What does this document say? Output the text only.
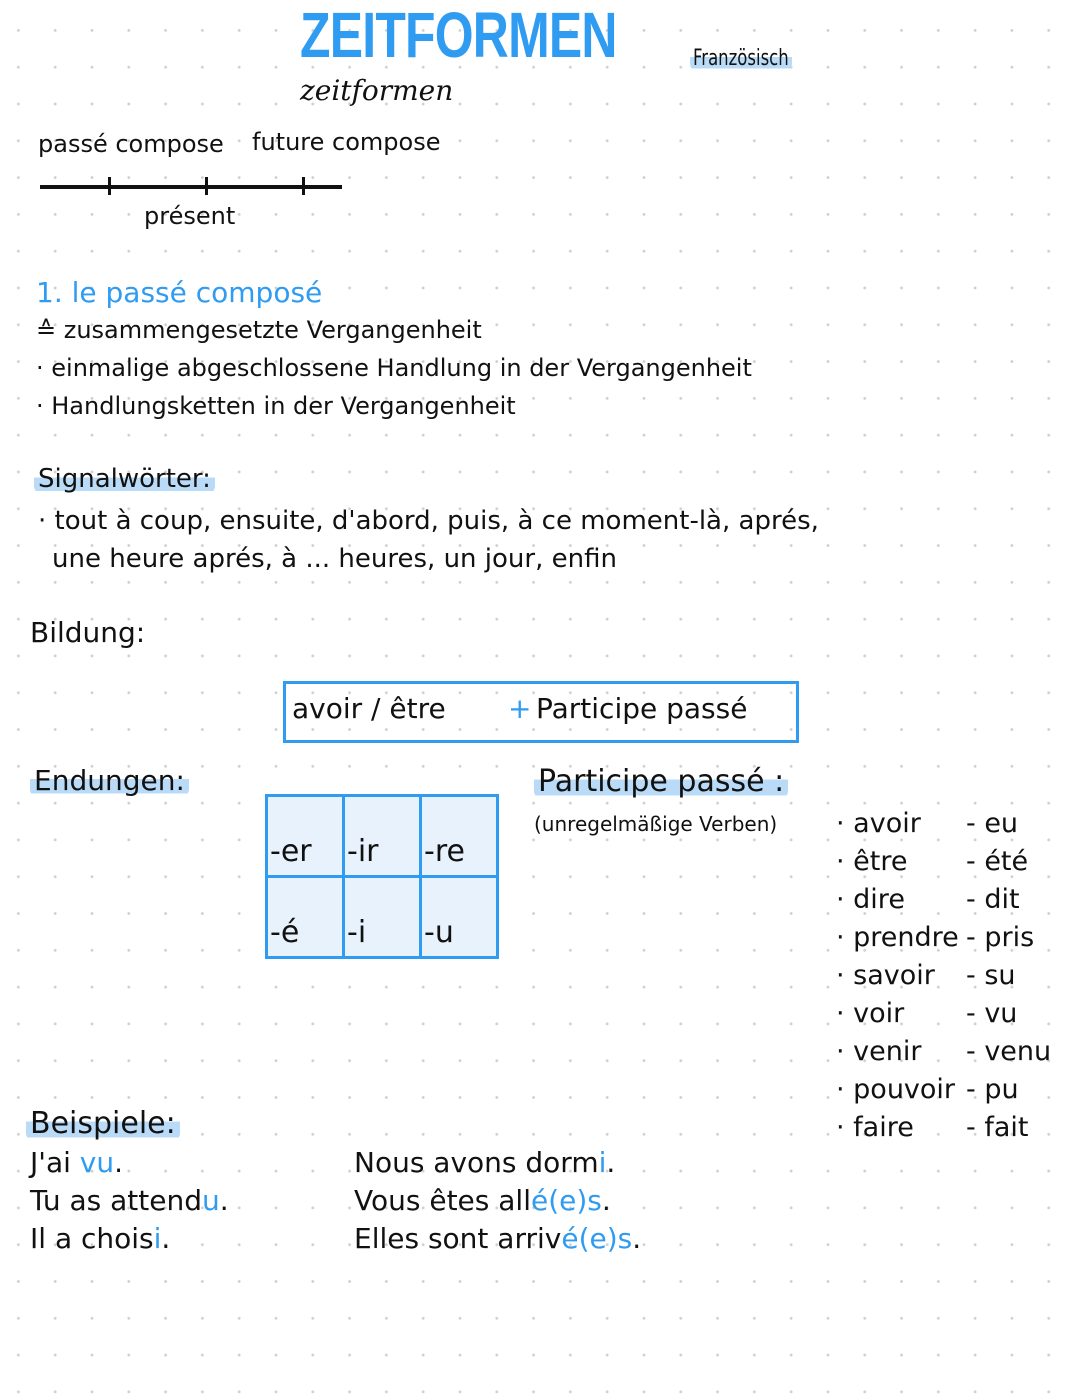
ZEITFORMEN
zeitformen
Französisch
passé compose future compose
présent
1. le passé composé
≙ zusammengesetzte Vergangenheit
· einmalige abgeschlossene Handlung in der Vergangenheit
· Handlungsketten in der Vergangenheit
Signalwörter:
· tout à coup, ensuite, d'abord, puis, à ce moment-là, aprés,
une heure aprés, à ... heures, un jour, enfin
Bildung:
avoir / être + Participe passé
Endungen:
-er	-ir	-re
-é	-i	-u
Participe passé :
(unregelmäßige Verben) · avoir - eu
· être - été
· dire - dit
· prendre - pris
· savoir - su
· voir - vu
· venir - venu
· pouvoir - pu
· faire - fait
Beispiele:
J'ai vu.
Tu as attendu.
Il a choisi.
Nous avons dormi.
Vous êtes allé(e)s.
Elles sont arrivé(e)s.
